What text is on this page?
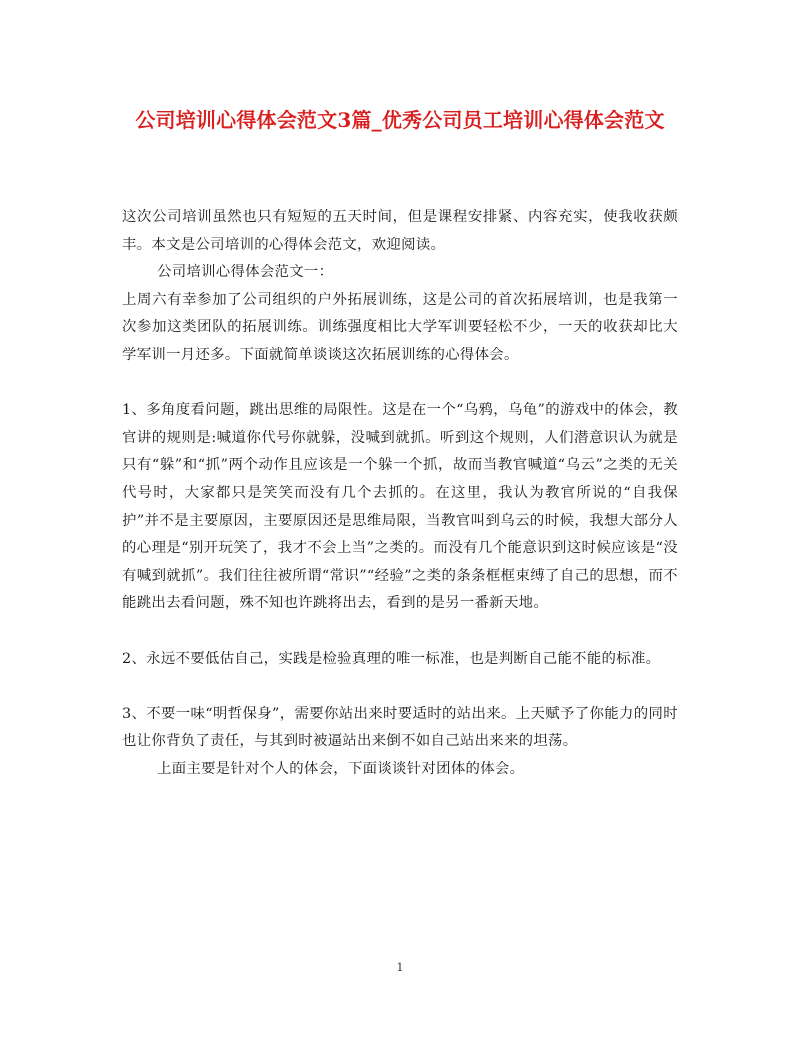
公司培训心得体会范文3篇_优秀公司员工培训心得体会范文

这次公司培训虽然也只有短短的五天时间，但是课程安排紧、内容充实，使我收获颇丰。本文是公司培训的心得体会范文，欢迎阅读。

公司培训心得体会范文一：

上周六有幸参加了公司组织的户外拓展训练，这是公司的首次拓展培训，也是我第一次参加这类团队的拓展训练。训练强度相比大学军训要轻松不少，一天的收获却比大学军训一月还多。下面就简单谈谈这次拓展训练的心得体会。

1、多角度看问题，跳出思维的局限性。这是在一个“乌鸦，乌龟”的游戏中的体会，教官讲的规则是:喊道你代号你就躲，没喊到就抓。听到这个规则，人们潜意识认为就是只有“躲”和“抓”两个动作且应该是一个躲一个抓，故而当教官喊道“乌云”之类的无关代号时，大家都只是笑笑而没有几个去抓的。在这里，我认为教官所说的“自我保护”并不是主要原因，主要原因还是思维局限，当教官叫到乌云的时候，我想大部分人的心理是“别开玩笑了，我才不会上当”之类的。而没有几个能意识到这时候应该是“没有喊到就抓”。我们往往被所谓“常识”“经验”之类的条条框框束缚了自己的思想，而不能跳出去看问题，殊不知也许跳将出去，看到的是另一番新天地。

2、永远不要低估自己，实践是检验真理的唯一标准，也是判断自己能不能的标准。

3、不要一味“明哲保身”，需要你站出来时要适时的站出来。上天赋予了你能力的同时也让你背负了责任，与其到时被逼站出来倒不如自己站出来来的坦荡。

上面主要是针对个人的体会，下面谈谈针对团体的体会。

1
